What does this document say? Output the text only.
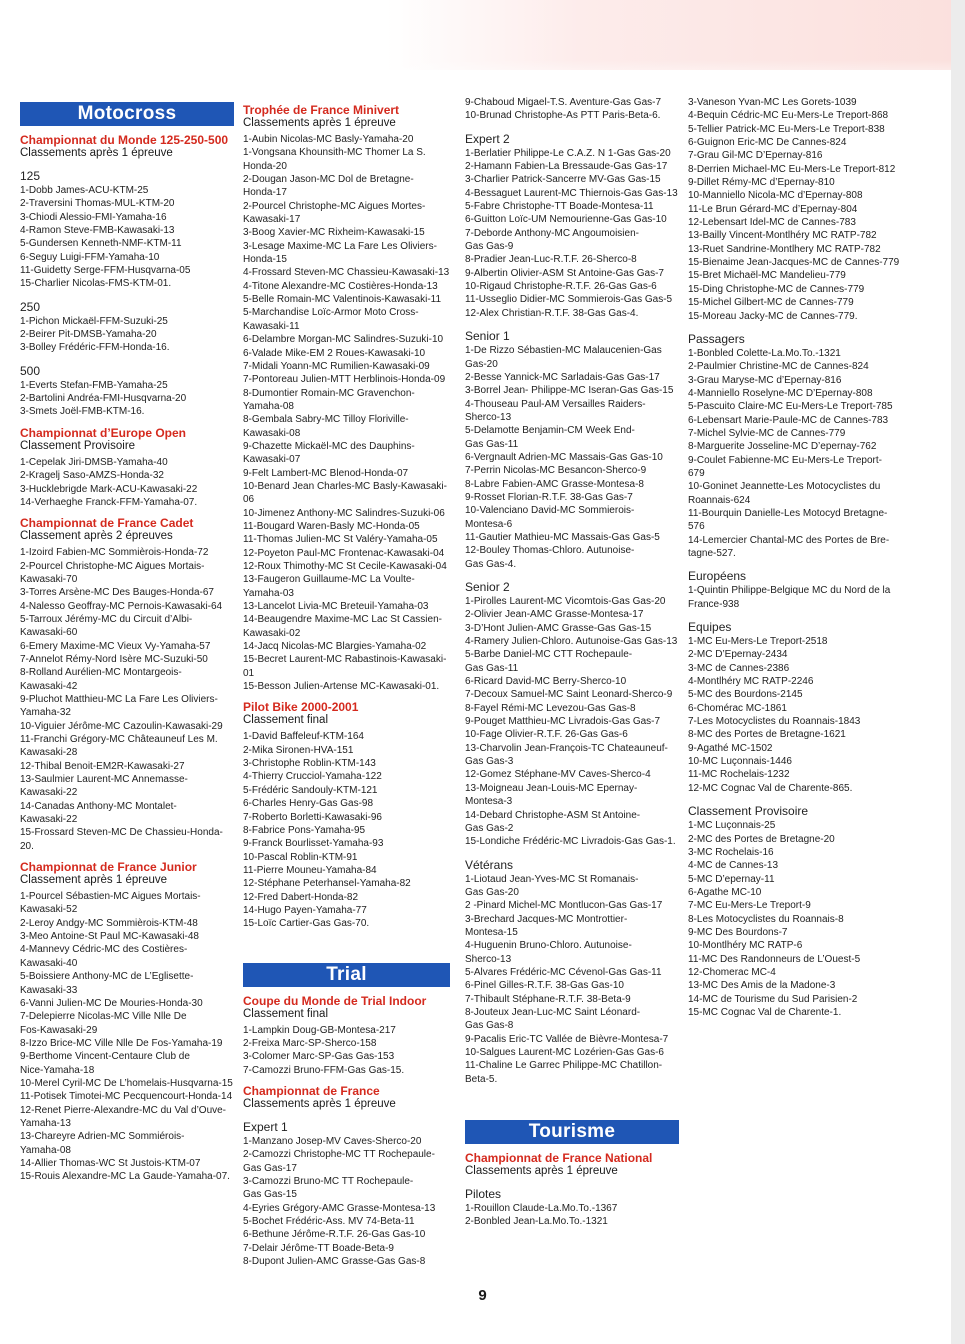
Motocross
Championnat du Monde 125-250-500
Classements après 1 épreuve
125
1-Dobb James-ACU-KTM-25
2-Traversini Thomas-MUL-KTM-20
3-Chiodi Alessio-FMI-Yamaha-16
4-Ramon Steve-FMB-Kawasaki-13
5-Gundersen Kenneth-NMF-KTM-11
6-Seguy Luigi-FFM-Yamaha-10
11-Guidetty Serge-FFM-Husqvarna-05
15-Charlier Nicolas-FMS-KTM-01.
250
1-Pichon Mickaël-FFM-Suzuki-25
2-Beirer Pit-DMSB-Yamaha-20
3-Bolley Frédéric-FFM-Honda-16.
500
1-Everts Stefan-FMB-Yamaha-25
2-Bartolini Andréa-FMI-Husqvarna-20
3-Smets Joël-FMB-KTM-16.
Championnat d’Europe Open
Classement Provisoire
1-Cepelak Jiri-DMSB-Yamaha-40
2-Kragelj Saso-AMZS-Honda-32
3-Hucklebrigde Mark-ACU-Kawasaki-22
14-Verhaeghe Franck-FFM-Yamaha-07.
Championnat de France Cadet
Classement après 2 épreuves
1-Izoird Fabien-MC Sommièrois-Honda-72
2-Pourcel Christophe-MC Aigues Mortais-
Kawasaki-70
3-Torres Arsène-MC Des Bauges-Honda-67
4-Nalesso Geoffray-MC Pernois-Kawasaki-64
5-Tarroux Jérémy-MC du Circuit d’Albi-
Kawasaki-60
6-Emery Maxime-MC Vieux Vy-Yamaha-57
7-Annelot Rémy-Nord Isère MC-Suzuki-50
8-Rolland Aurélien-MC Montargeois-
Kawasaki-42
9-Pluchot Matthieu-MC La Fare Les Oliviers-
Yamaha-32
10-Viguier Jérôme-MC Cazoulin-Kawasaki-29
11-Franchi Grégory-MC Châteauneuf Les M.
Kawasaki-28
12-Thibal Benoit-EM2R-Kawasaki-27
13-Saulmier Laurent-MC Annemasse-
Kawasaki-22
14-Canadas Anthony-MC Montalet-
Kawasaki-22
15-Frossard Steven-MC De Chassieu-Honda-20.
Championnat de France Junior
Classement après 1 épreuve
1-Pourcel Sébastien-MC Aigues Mortais-
Kawasaki-52
2-Leroy Andgy-MC Sommièrois-KTM-48
3-Meo Antoine-St Paul MC-Kawasaki-48
4-Mannevy Cédric-MC des Costières-
Kawasaki-40
5-Boissiere Anthony-MC de L’Eglisette-
Kawasaki-33
6-Vanni Julien-MC De Mouries-Honda-30
7-Delepierre Nicolas-MC Ville Nlle De
Fos-Kawasaki-29
8-Izzo Brice-MC Ville Nlle De Fos-Yamaha-19
9-Berthome Vincent-Centaure Club de
Nice-Yamaha-18
10-Merel Cyril-MC De L’homelais-Husqvarna-15
11-Potisek Timotei-MC Pecquencourt-Honda-14
12-Renet Pierre-Alexandre-MC du Val d’Ouve-
Yamaha-13
13-Chareyre Adrien-MC Sommiérois-
Yamaha-08
14-Allier Thomas-WC St Justois-KTM-07
15-Rouis Alexandre-MC La Gaude-Yamaha-07.
Trophée de France Minivert
Classements après 1 épreuve
1-Aubin Nicolas-MC Basly-Yamaha-20
1-Vongsana Khounsith-MC Thomer La S.
Honda-20
2-Dougan Jason-MC Dol de Bretagne-
Honda-17
2-Pourcel Christophe-MC Aigues Mortes-
Kawasaki-17
3-Boog Xavier-MC Rixheim-Kawasaki-15
3-Lesage Maxime-MC La Fare Les Oliviers-
Honda-15
4-Frossard Steven-MC Chassieu-Kawasaki-13
4-Titone Alexandre-MC Costières-Honda-13
5-Belle Romain-MC Valentinois-Kawasaki-11
5-Marchandise Loïc-Armor Moto Cross-
Kawasaki-11
6-Delambre Morgan-MC Salindres-Suzuki-10
6-Valade Mike-EM 2 Roues-Kawasaki-10
7-Midali Yoann-MC Rumilien-Kawasaki-09
7-Pontoreau Julien-MTT Herblinois-Honda-09
8-Dumontier Romain-MC Gravenchon-
Yamaha-08
8-Gembala Sabry-MC Tilloy Floriville-
Kawasaki-08
9-Chazette Mickaël-MC des Dauphins-
Kawasaki-07
9-Felt Lambert-MC Blenod-Honda-07
10-Benard Jean Charles-MC Basly-Kawasaki-06
10-Jimenez Anthony-MC Salindres-Suzuki-06
11-Bougard Waren-Basly MC-Honda-05
11-Thomas Julien-MC St Valéry-Yamaha-05
12-Poyeton Paul-MC Frontenac-Kawasaki-04
12-Roux Thimothy-MC St Cecile-Kawasaki-04
13-Faugeron Guillaume-MC La Voulte-
Yamaha-03
13-Lancelot Livia-MC Breteuil-Yamaha-03
14-Beaugendre Maxime-MC Lac St Cassien-
Kawasaki-02
14-Jacq Nicolas-MC Blargies-Yamaha-02
15-Becret Laurent-MC Rabastinois-Kawasaki-01
15-Besson Julien-Artense MC-Kawasaki-01.
Pilot Bike 2000-2001
Classement final
1-David Baffeleuf-KTM-164
2-Mika Sironen-HVA-151
3-Christophe Roblin-KTM-143
4-Thierry Crucciol-Yamaha-122
5-Frédéric Sandouly-KTM-121
6-Charles Henry-Gas Gas-98
7-Roberto Borletti-Kawasaki-96
8-Fabrice Pons-Yamaha-95
9-Franck Bourlisset-Yamaha-93
10-Pascal Roblin-KTM-91
11-Pierre Mouneu-Yamaha-84
12-Stéphane Peterhansel-Yamaha-82
12-Fred Dabert-Honda-82
14-Hugo Payen-Yamaha-77
15-Loïc Cartier-Gas Gas-70.
Trial
Coupe du Monde de Trial Indoor
Classement final
1-Lampkin Doug-GB-Montesa-217
2-Freixa Marc-SP-Sherco-158
3-Colomer Marc-SP-Gas Gas-153
7-Camozzi Bruno-FFM-Gas Gas-15.
Championnat de France
Classements après 1 épreuve
Expert 1
1-Manzano Josep-MV Caves-Sherco-20
2-Camozzi Christophe-MC TT Rochepaule-
Gas Gas-17
3-Camozzi Bruno-MC TT Rochepaule-
Gas Gas-15
4-Eyries Grégory-AMC Grasse-Montesa-13
5-Bochet Frédéric-Ass. MV 74-Beta-11
6-Bethune Jérôme-R.T.F. 26-Gas Gas-10
7-Delair Jérôme-TT Boade-Beta-9
8-Dupont Julien-AMC Grasse-Gas Gas-8
9-Chaboud Migael-T.S. Aventure-Gas Gas-7
10-Brunad Christophe-As PTT Paris-Beta-6.
Expert 2
1-Berlatier Philippe-Le C.A.Z. N 1-Gas Gas-20
2-Hamann Fabien-La Bressaude-Gas Gas-17
3-Charlier Patrick-Sancerre MV-Gas Gas-15
4-Bessaguet Laurent-MC Thiernois-Gas Gas-13
5-Fabre Christophe-TT Boade-Montesa-11
6-Guitton Loïc-UM Nemourienne-Gas Gas-10
7-Deborde Anthony-MC Angoumoisien-
Gas Gas-9
8-Pradier Jean-Luc-R.T.F. 26-Sherco-8
9-Albertin Olivier-ASM St Antoine-Gas Gas-7
10-Rigaud Christophe-R.T.F. 26-Gas Gas-6
11-Usseglio Didier-MC Sommierois-Gas Gas-5
12-Alex Christian-R.T.F. 38-Gas Gas-4.
Senior 1
1-De Rizzo Sébastien-MC Malaucenien-Gas
Gas-20
2-Besse Yannick-MC Sarladais-Gas Gas-17
3-Borrel Jean- Philippe-MC Iseran-Gas Gas-15
4-Thouseau Paul-AM Versailles Raiders-
Sherco-13
5-Delamotte Benjamin-CM Week End-
Gas Gas-11
6-Vergnault Adrien-MC Massais-Gas Gas-10
7-Perrin Nicolas-MC Besancon-Sherco-9
8-Labre Fabien-AMC Grasse-Montesa-8
9-Rosset Florian-R.T.F. 38-Gas Gas-7
10-Valenciano David-MC Sommierois-
Montesa-6
11-Gautier Mathieu-MC Massais-Gas Gas-5
12-Bouley Thomas-Chloro. Autunoise-
Gas Gas-4.
Senior 2
1-Pirolles Laurent-MC Vicomtois-Gas Gas-20
2-Olivier Jean-AMC Grasse-Montesa-17
3-D’Hont Julien-AMC Grasse-Gas Gas-15
4-Ramery Julien-Chloro. Autunoise-Gas Gas-13
5-Barbe Daniel-MC CTT Rochepaule-
Gas Gas-11
6-Ricard David-MC Berry-Sherco-10
7-Decoux Samuel-MC Saint Leonard-Sherco-9
8-Fayel Rémi-MC Levezou-Gas Gas-8
9-Pouget Matthieu-MC Livradois-Gas Gas-7
10-Fage Olivier-R.T.F. 26-Gas Gas-6
13-Charvolin Jean-François-TC Chateauneuf-
Gas Gas-3
12-Gomez Stéphane-MV Caves-Sherco-4
13-Moigneau Jean-Louis-MC Epernay-
Montesa-3
14-Debard Christophe-ASM St Antoine-
Gas Gas-2
15-Londiche Frédéric-MC Livradois-Gas Gas-1.
Vétérans
1-Liotaud Jean-Yves-MC St Romanais-
Gas Gas-20
2 -Pinard Michel-MC Montlucon-Gas Gas-17
3-Brechard Jacques-MC Montrottier-
Montesa-15
4-Huguenin Bruno-Chloro. Autunoise-
Sherco-13
5-Alvares Frédéric-MC Cévenol-Gas Gas-11
6-Pinel Gilles-R.T.F. 38-Gas Gas-10
7-Thibault Stéphane-R.T.F. 38-Beta-9
8-Jouteux Jean-Luc-MC Saint Léonard-
Gas Gas-8
9-Pacalis Eric-TC Vallée de Bièvre-Montesa-7
10-Salgues Laurent-MC Lozérien-Gas Gas-6
11-Chaline Le Garrec Philippe-MC Chatillon-
Beta-5.
Tourisme
Championnat de France National
Classements après 1 épreuve
Pilotes
1-Rouillon Claude-La.Mo.To.-1367
2-Bonbled Jean-La.Mo.To.-1321
3-Vaneson Yvan-MC Les Gorets-1039
4-Bequin Cédric-MC Eu-Mers-Le Treport-868
5-Tellier Patrick-MC Eu-Mers-Le Treport-838
6-Guignon Eric-MC De Cannes-824
7-Grau Gil-MC D’Epernay-816
8-Derrien Michael-MC Eu-Mers-Le Treport-812
9-Dillet Rémy-MC d’Epernay-810
10-Manniello Nicola-MC d’Epernay-808
11-Le Brun Gérard-MC d’Epernay-804
12-Lebensart Idel-MC de Cannes-783
13-Bailly Vincent-Montlhéry MC RATP-782
13-Ruet Sandrine-Montlhery MC RATP-782
15-Bienaime Jean-Jacques-MC de Cannes-779
15-Bret Michaël-MC Mandelieu-779
15-Ding Christophe-MC de Cannes-779
15-Michel Gilbert-MC de Cannes-779
15-Moreau Jacky-MC de Cannes-779.
Passagers
1-Bonbled Colette-La.Mo.To.-1321
2-Paulmier Christine-MC de Cannes-824
3-Grau Maryse-MC d’Epernay-816
4-Manniello Roselyne-MC D’Epernay-808
5-Pascuito Claire-MC Eu-Mers-Le Treport-785
6-Lebensart Marie-Paule-MC de Cannes-783
7-Michel Sylvie-MC de Cannes-779
8-Marguerite Josseline-MC D’epernay-762
9-Coulet Fabienne-MC Eu-Mers-Le Treport-
679
10-Goninet Jeannette-Les Motocyclistes du
Roannais-624
11-Bourquin Danielle-Les Motocyd Bretagne-
576
14-Lemercier Chantal-MC des Portes de Bre-
tagne-527.
Européens
1-Quintin Philippe-Belgique MC du Nord de la
France-938
Equipes
1-MC Eu-Mers-Le Treport-2518
2-MC D’Epernay-2434
3-MC de Cannes-2386
4-Montlhéry MC RATP-2246
5-MC des Bourdons-2145
6-Chomérac MC-1861
7-Les Motocyclistes du Roannais-1843
8-MC des Portes de Bretagne-1621
9-Agathé MC-1502
10-MC Luçonnais-1446
11-MC Rochelais-1232
12-MC Cognac Val de Charente-865.
Classement Provisoire
1-MC Luçonnais-25
2-MC des Portes de Bretagne-20
3-MC Rochelais-16
4-MC de Cannes-13
5-MC D’epernay-11
6-Agathe MC-10
7-MC Eu-Mers-Le Treport-9
8-Les Motocyclistes du Roannais-8
9-MC Des Bourdons-7
10-Montlhéry MC RATP-6
11-MC Des Randonneurs de L’Ouest-5
12-Chomerac MC-4
13-MC Des Amis de la Madone-3
14-MC de Tourisme du Sud Parisien-2
15-MC Cognac Val de Charente-1.
9
